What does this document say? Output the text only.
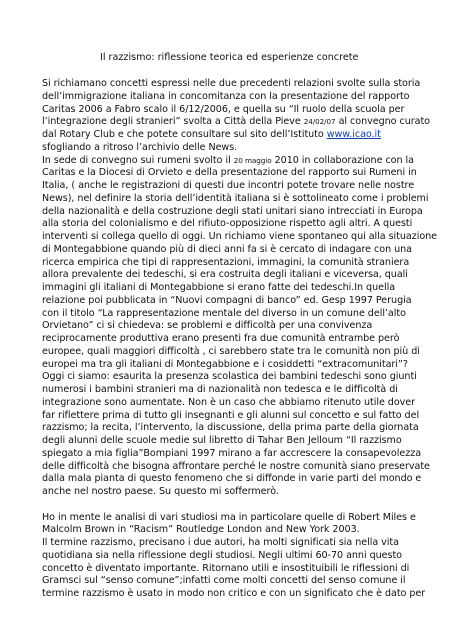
Il razzismo: riflessione teorica ed esperienze concrete

Si richiamano concetti espressi nelle due precedenti relazioni svolte sulla storia

dell’immigrazione italiana in concomitanza con la presentazione del rapporto

Caritas 2006 a Fabro scalo il 6/12/2006, e quella su “Il ruolo della scuola per

l’integrazione degli stranieri” svolta a Città della Pieve 24/02/07 al convegno curato

dal Rotary Club e che potete consultare sul sito dell’Istituto www.icao.it

sfogliando a ritroso l’archivio delle News.

In sede di convegno sui rumeni svolto il 20 maggio 2010 in collaborazione con la

Caritas e la Diocesi di Orvieto e della presentazione del rapporto sui Rumeni in

Italia, ( anche le registrazioni di questi due incontri potete trovare nelle nostre

News), nel definire la storia dell’identità italiana si è sottolineato come i problemi

della nazionalità e della costruzione degli stati unitari siano intrecciati in Europa

alla storia del colonialismo e del rifiuto-opposizione rispetto agli altri. A questi

interventi si collega quello di oggi. Un richiamo viene spontaneo qui alla situazione

di Montegabbione quando più di dieci anni fa si è cercato di indagare con una

ricerca empirica che tipi di rappresentazioni, immagini, la comunità straniera

allora prevalente dei tedeschi, si era costruita degli italiani e viceversa, quali

immagini gli italiani di Montegabbione si erano fatte dei tedeschi.In quella

relazione poi pubblicata in “Nuovi compagni di banco” ed. Gesp 1997 Perugia

con il titolo “La rappresentazione mentale del diverso in un comune dell’alto

Orvietano” ci si chiedeva: se problemi e difficoltà per una convivenza

reciprocamente produttiva erano presenti fra due comunità entrambe però

europee, quali maggiori difficoltà , ci sarebbero state tra le comunità non più di

europei ma tra gli italiani di Montegabbione e i cosiddetti “extracomunitari”?

Oggi ci siamo: esaurita la presenza scolastica dei bambini tedeschi sono giunti

numerosi i bambini stranieri ma di nazionalità non tedesca e le difficoltà di

integrazione sono aumentate. Non è un caso che abbiamo ritenuto utile dover

far riflettere prima di tutto gli insegnanti e gli alunni sul concetto e sul fatto del

razzismo; la recita, l’intervento, la discussione, della prima parte della giornata

degli alunni delle scuole medie sul libretto di Tahar Ben Jelloum “Il razzismo

spiegato a mia figlia”Bompiani 1997 mirano a far accrescere la consapevolezza

delle difficoltà che bisogna affrontare perché le nostre comunità siano preservate

dalla mala pianta di questo fenomeno che si diffonde in varie parti del mondo e

anche nel nostro paese. Su questo mi soffermerò.

Ho in mente le analisi di vari studiosi ma in particolare quelle di Robert Miles e

Malcolm Brown in “Racism” Routledge London and New York 2003.

Il termine razzismo, precisano i due autori, ha molti significati sia nella vita

quotidiana sia nella riflessione degli studiosi. Negli ultimi 60-70 anni questo

concetto è diventato importante. Ritornano utili e insostituibili le riflessioni di

Gramsci sul “senso comune”;infatti come molti concetti del senso comune il

termine razzismo è usato in modo non critico e con un significato che è dato per
